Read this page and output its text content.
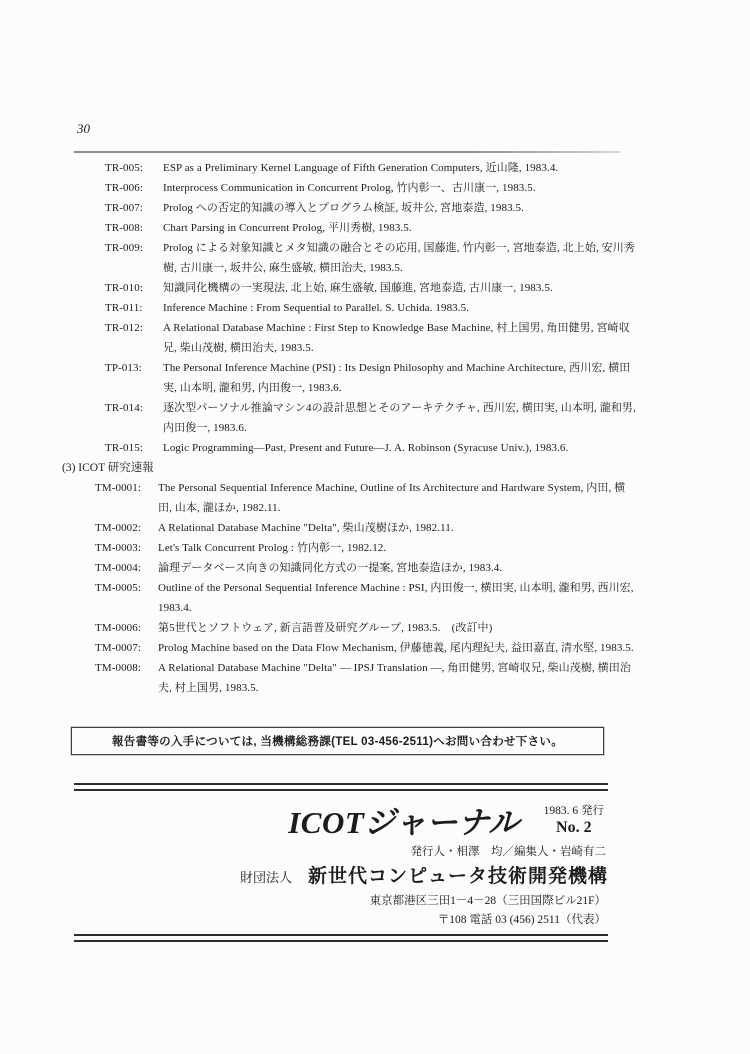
30

TR-005: ESP as a Preliminary Kernel Language of Fifth Generation Computers, 近山隆, 1983.4.

TR-006: Interprocess Communication in Concurrent Prolog, 竹内彰一、古川康一, 1983.5.

TR-007: Prolog への否定的知識の導入とプログラム検証, 坂井公, 宮地泰造, 1983.5.

TR-008: Chart Parsing in Concurrent Prolog, 平川秀樹, 1983.5.

TR-009: Prolog による対象知識とメタ知識の融合とその応用, 国藤進, 竹内彰一, 宮地泰造, 北上始, 安川秀樹, 古川康一, 坂井公, 麻生盛敏, 横田治夫, 1983.5.

TR-010: 知識同化機構の一実現法, 北上始, 麻生盛敏, 国藤進, 宮地泰造, 古川康一, 1983.5.

TR-011: Inference Machine : From Sequential to Parallel. S. Uchida. 1983.5.

TR-012: A Relational Database Machine : First Step to Knowledge Base Machine, 村上国男, 角田健男, 宮崎収兄, 柴山茂樹, 横田治夫, 1983.5.

TP-013: The Personal Inference Machine (PSI) : Its Design Philosophy and Machine Architecture, 西川宏, 横田実, 山本明, 瀧和男, 内田俊一, 1983.6.

TR-014: 逐次型パーソナル推論マシン4の設計思想とそのアーキテクチャ, 西川宏, 横田実, 山本明, 瀧和男, 内田俊一, 1983.6.

TR-015: Logic Programming―Past, Present and Future―J. A. Robinson (Syracuse Univ.), 1983.6.

(3) ICOT 研究速報

TM-0001: The Personal Sequential Inference Machine, Outline of Its Architecture and Hardware System, 内田, 横田, 山本, 瀧ほか, 1982.11.

TM-0002: A Relational Database Machine "Delta", 柴山茂樹ほか, 1982.11.

TM-0003: Let's Talk Concurrent Prolog : 竹内彰一, 1982.12.

TM-0004: 論理データベース向きの知識同化方式の一提案, 宮地泰造ほか, 1983.4.

TM-0005: Outline of the Personal Sequential Inference Machine : PSI, 内田俊一, 横田実, 山本明, 瀧和男, 西川宏, 1983.4.

TM-0006: 第5世代とソフトウェア, 新言語普及研究グループ, 1983.5.　(改訂中)

TM-0007: Prolog Machine based on the Data Flow Mechanism, 伊藤徳義, 尾内理紀夫, 益田嘉直, 清水堅, 1983.5.

TM-0008: A Relational Database Machine "Delta" ― IPSJ Translation ―, 角田健男, 宮崎収兄, 柴山茂樹, 横田治夫, 村上国男, 1983.5.

報告書等の入手については, 当機構総務課(TEL 03-456-2511)へお問い合わせ下さい。
ICOTジャーナル 1983. 6 発行
No. 2
発行人・相澤　均／編集人・岩崎有二
財団法人 新世代コンピュータ技術開発機構
東京都港区三田1－4－28（三田国際ビル21F）
〒108 電話 03 (456) 2511（代表）
